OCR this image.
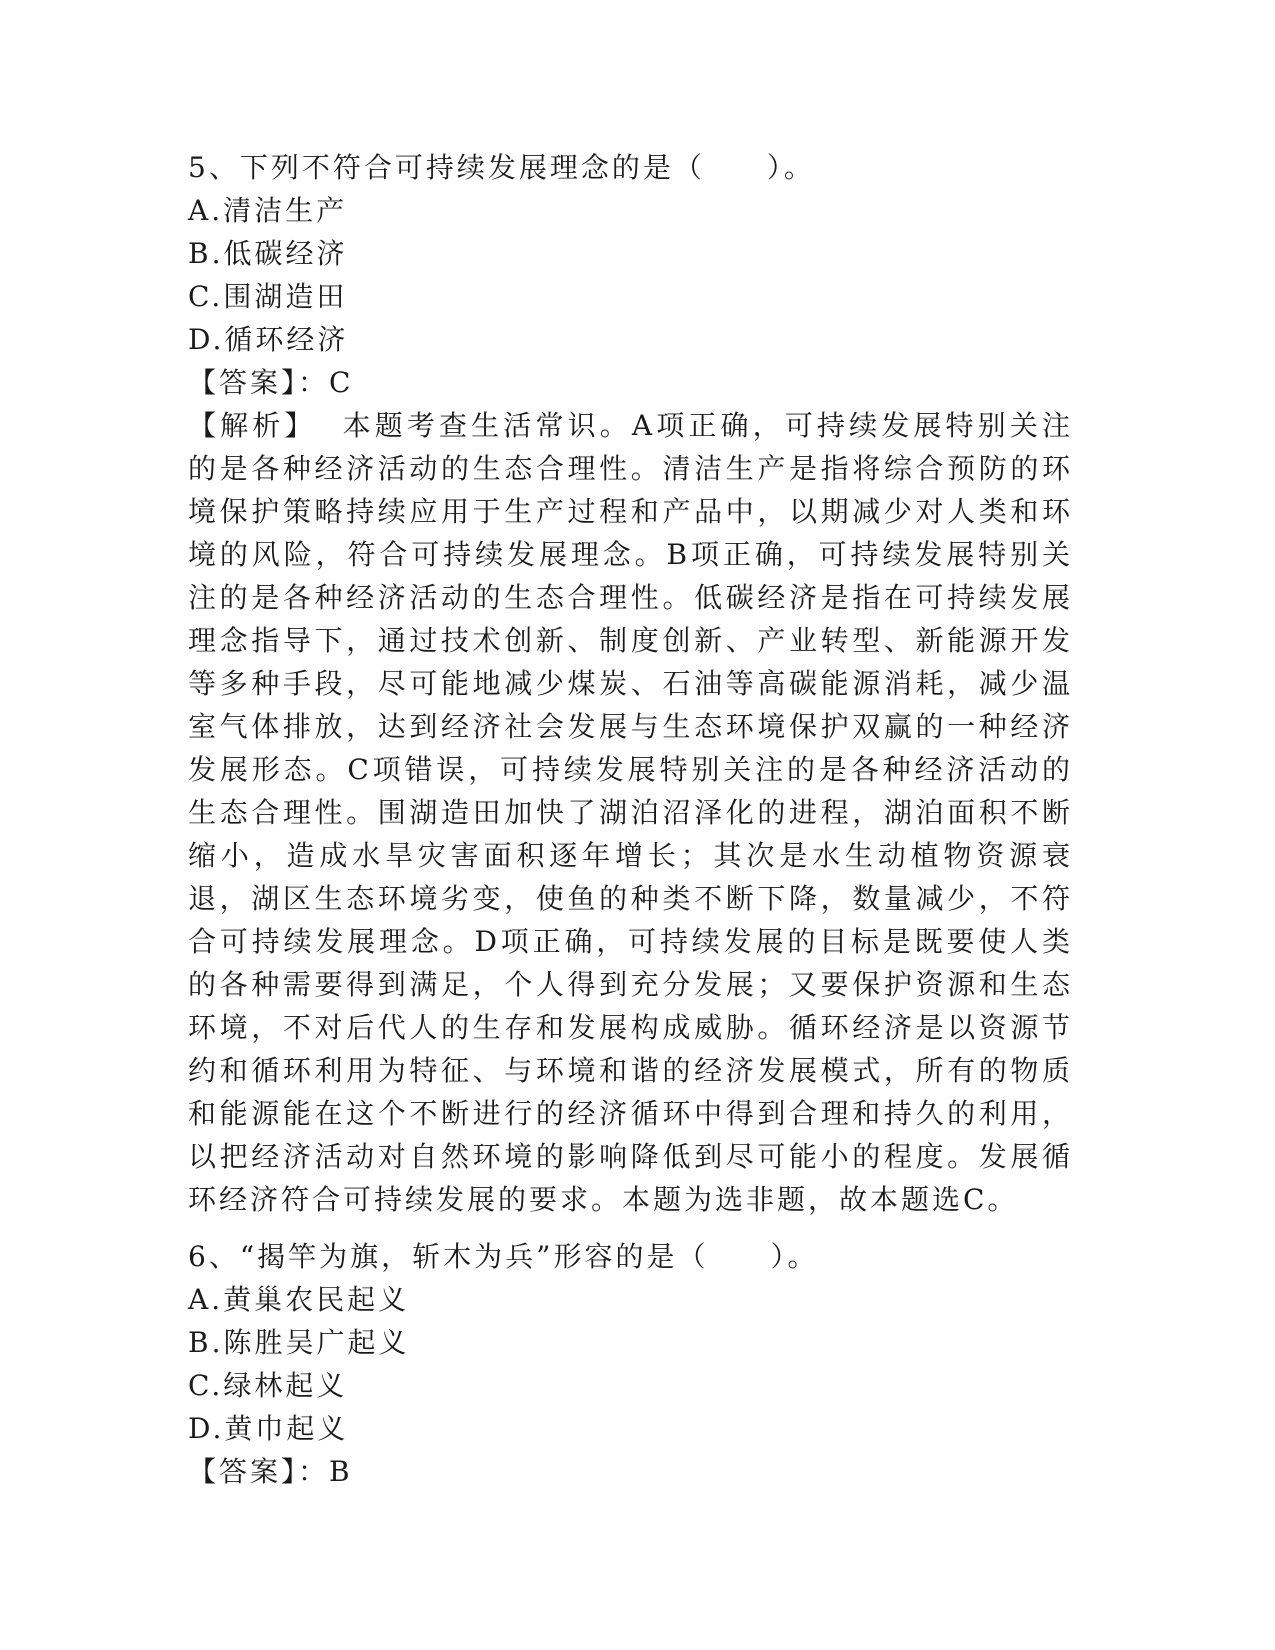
5、下列不符合可持续发展理念的是（　　）。
A.清洁生产
B.低碳经济
C.围湖造田
D.循环经济
【答案】：C
【解析】 本题考查生活常识。A项正确，可持续发展特别关注的是各种经济活动的生态合理性。清洁生产是指将综合预防的环境保护策略持续应用于生产过程和产品中，以期减少对人类和环境的风险，符合可持续发展理念。B项正确，可持续发展特别关注的是各种经济活动的生态合理性。低碳经济是指在可持续发展理念指导下，通过技术创新、制度创新、产业转型、新能源开发等多种手段，尽可能地减少煤炭、石油等高碳能源消耗，减少温室气体排放，达到经济社会发展与生态环境保护双赢的一种经济发展形态。C项错误，可持续发展特别关注的是各种经济活动的生态合理性。围湖造田加快了湖泊沼泽化的进程，湖泊面积不断缩小，造成水旱灾害面积逐年增长；其次是水生动植物资源衰退，湖区生态环境劣变，使鱼的种类不断下降，数量减少，不符合可持续发展理念。D项正确，可持续发展的目标是既要使人类的各种需要得到满足，个人得到充分发展；又要保护资源和生态环境，不对后代人的生存和发展构成威胁。循环经济是以资源节约和循环利用为特征、与环境和谐的经济发展模式，所有的物质和能源能在这个不断进行的经济循环中得到合理和持久的利用，以把经济活动对自然环境的影响降低到尽可能小的程度。发展循环经济符合可持续发展的要求。本题为选非题，故本题选C。
6、“揭竿为旗，斩木为兵”形容的是（　　）。
A.黄巢农民起义
B.陈胜吴广起义
C.绿林起义
D.黄巾起义
【答案】：B
